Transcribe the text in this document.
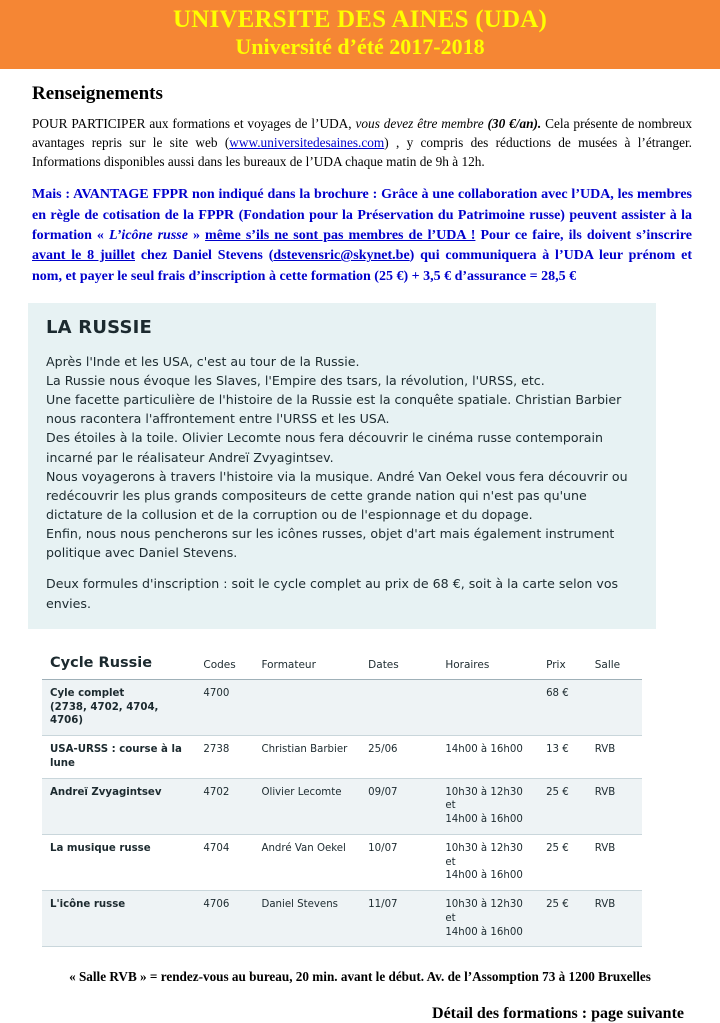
UNIVERSITE DES AINES (UDA)
Université d’été 2017-2018
Renseignements

POUR PARTICIPER aux formations et voyages de l’UDA, vous devez être membre (30 €/an). Cela présente de nombreux avantages repris sur le site web (www.universitedesaines.com) , y compris des réductions de musées à l’étranger. Informations disponibles aussi dans les bureaux de l’UDA chaque matin de 9h à 12h.

Mais : AVANTAGE FPPR non indiqué dans la brochure : Grâce à une collaboration avec l’UDA, les membres en règle de cotisation de la FPPR (Fondation pour la Préservation du Patrimoine russe) peuvent assister à la formation « L’icône russe » même s’ils ne sont pas membres de l’UDA ! Pour ce faire, ils doivent s’inscrire avant le 8 juillet chez Daniel Stevens (dstevensric@skynet.be) qui communiquera à l’UDA leur prénom et nom, et payer le seul frais d’inscription à cette formation (25 €) + 3,5 € d’assurance = 28,5 €

LA RUSSIE

Après l'Inde et les USA, c'est au tour de la Russie.
La Russie nous évoque les Slaves, l'Empire des tsars, la révolution, l'URSS, etc.
Une facette particulière de l'histoire de la Russie est la conquête spatiale. Christian Barbier nous racontera l'affrontement entre l'URSS et les USA.
Des étoiles à la toile. Olivier Lecomte nous fera découvrir le cinéma russe contemporain incarné par le réalisateur Andreï Zvyagintsev.
Nous voyagerons à travers l'histoire via la musique. André Van Oekel vous fera découvrir ou redécouvrir les plus grands compositeurs de cette grande nation qui n'est pas qu'une dictature de la collusion et de la corruption ou de l'espionnage et du dopage.
Enfin, nous nous pencherons sur les icônes russes, objet d'art mais également instrument politique avec Daniel Stevens.

Deux formules d'inscription : soit le cycle complet au prix de 68 €, soit à la carte selon vos envies.

Cycle Russie	Codes	Formateur	Dates	Horaires	Prix	Salle
Cyle complet
(2738, 4702, 4704, 4706)	4700				68 €	
USA-URSS : course à la lune	2738	Christian Barbier	25/06	14h00 à 16h00	13 €	RVB
Andreï Zvyagintsev	4702	Olivier Lecomte	09/07	10h30 à 12h30 et
14h00 à 16h00	25 €	RVB
La musique russe	4704	André Van Oekel	10/07	10h30 à 12h30 et
14h00 à 16h00	25 €	RVB
L'icône russe	4706	Daniel Stevens	11/07	10h30 à 12h30 et
14h00 à 16h00	25 €	RVB
« Salle RVB » = rendez-vous au bureau, 20 min. avant le début. Av. de l’Assomption 73 à 1200 Bruxelles
Détail des formations : page suivante
